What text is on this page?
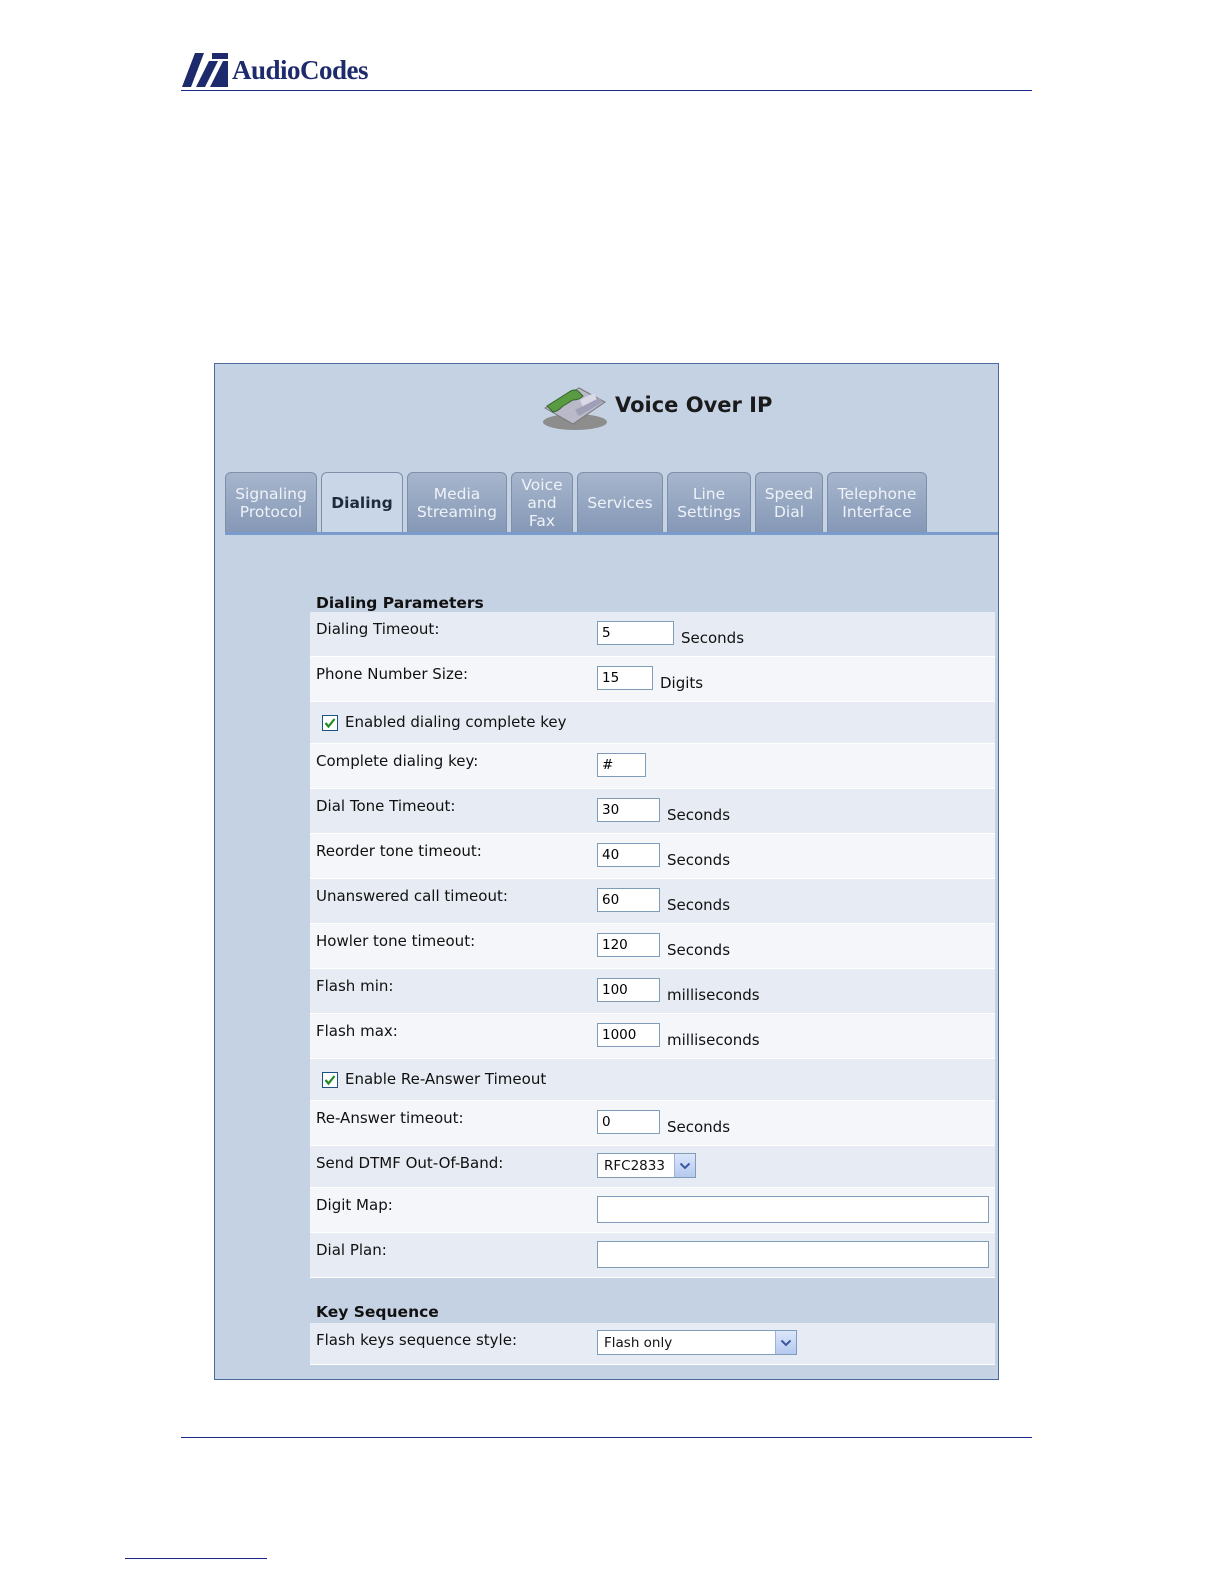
AudioCodes
Voice Over IP
Signaling
Protocol	Dialing
Media
Streaming
Voice
and
Fax
Services	Line
Settings
Speed
Dial
Telephone
Interface
Dialing Parameters
Dialing Timeout:
5	Seconds
Phone Number Size:
15	Digits
Enabled dialing complete key
Complete dialing key:
#
Dial Tone Timeout:
30	Seconds
Reorder tone timeout:
40	Seconds
Unanswered call timeout:
60	Seconds
Howler tone timeout:
120	Seconds
Flash min:
100	milliseconds
Flash max:
1000	milliseconds
Enable Re-Answer Timeout
Re-Answer timeout:
0	Seconds
Send DTMF Out-Of-Band:	RFC2833
Digit Map:
Dial Plan:
Key Sequence
Flash keys sequence style:	Flash only
